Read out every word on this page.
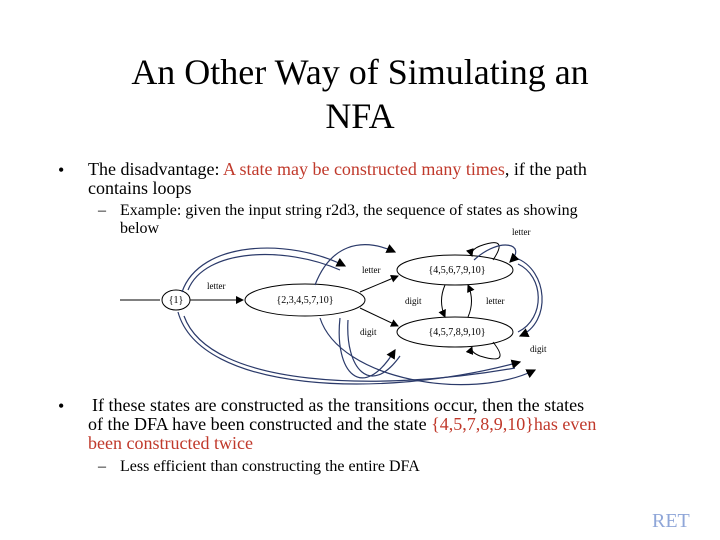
An Other Way of Simulating an
NFA
• The disadvantage: A state may be constructed many times, if the path
contains loops
– Example: given the input string r2d3, the sequence of states as showing
below
{1}	{2,3,4,5,7,10}
{4,5,6,7,9,10}
{4,5,7,8,9,10}
letter
letter
letter
digit	letter
digit
digit
• If these states are constructed as the transitions occur, then the states
of the DFA have been constructed and the state {4,5,7,8,9,10}has even
been constructed twice
– Less efficient than constructing the entire DFA
RET
